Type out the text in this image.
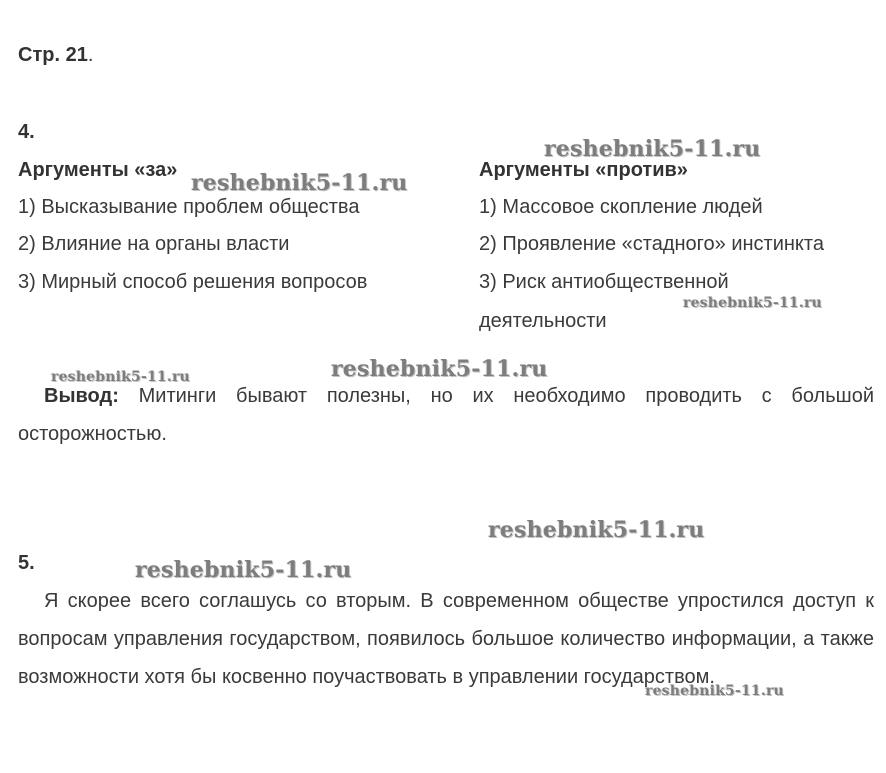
Стр. 21.
4.
Аргументы «за»
1) Высказывание проблем общества
2) Влияние на органы власти
3) Мирный способ решения вопросов
Аргументы «против»
1) Массовое скопление людей
2) Проявление «стадного» инстинкта
3) Риск антиобщественной
деятельности
Вывод: Митинги бывают полезны, но их необходимо проводить с большой осторожностью.
5.
Я скорее всего соглашусь со вторым. В современном обществе упростился доступ к вопросам управления государством, появилось большое количество информации, а также возможности хотя бы косвенно поучаствовать в управлении государством.
reshebnik5-11.ru
reshebnik5-11.ru
reshebnik5-11.ru
reshebnik5-11.ru
reshebnik5-11.ru
reshebnik5-11.ru
reshebnik5-11.ru
reshebnik5-11.ru
